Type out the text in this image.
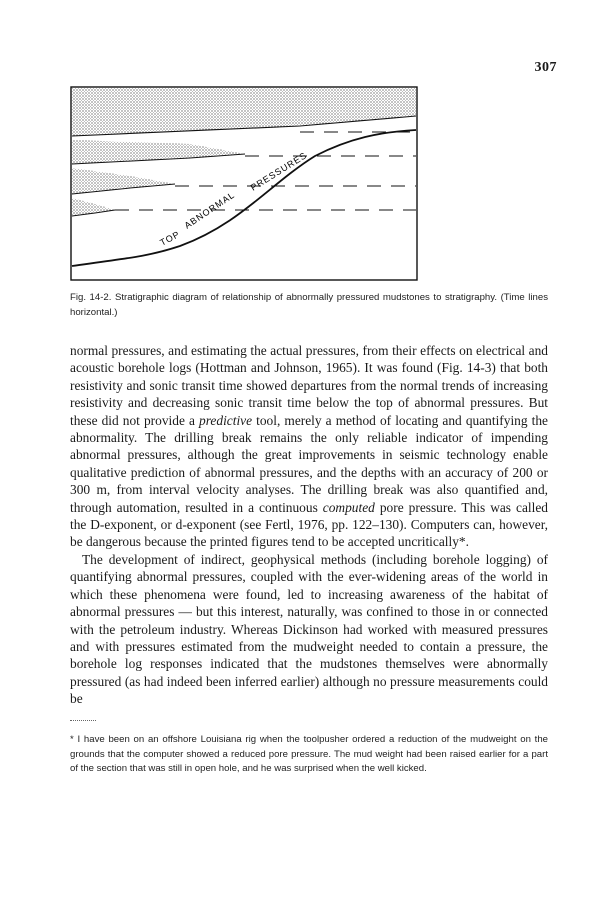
307
TOP
ABNORMAL
PRESSURES
Fig. 14-2. Stratigraphic diagram of relationship of abnormally pressured mudstones to stratigraphy. (Time lines horizontal.)

normal pressures, and estimating the actual pressures, from their effects on electrical and acoustic borehole logs (Hottman and Johnson, 1965). It was found (Fig. 14-3) that both resistivity and sonic transit time showed departures from the normal trends of increasing resistivity and decreasing sonic transit time below the top of abnormal pressures. But these did not provide a predictive tool, merely a method of locating and quantifying the abnormality. The drilling break remains the only reliable indicator of impending abnormal pressures, although the great improvements in seismic technology enable qualitative prediction of abnormal pressures, and the depths with an accuracy of 200 or 300 m, from interval velocity analyses. The drilling break was also quantified and, through automation, resulted in a continuous computed pore pressure. This was called the D-exponent, or d-exponent (see Fertl, 1976, pp. 122–130). Computers can, however, be dangerous because the printed figures tend to be accepted uncritically*.

The development of indirect, geophysical methods (including borehole logging) of quantifying abnormal pressures, coupled with the ever-widening areas of the world in which these phenomena were found, led to increasing awareness of the habitat of abnormal pressures — but this interest, naturally, was confined to those in or connected with the petroleum industry. Whereas Dickinson had worked with measured pressures and with pressures estimated from the mudweight needed to contain a pressure, the borehole log responses indicated that the mudstones themselves were abnormally pressured (as had indeed been inferred earlier) although no pressure measurements could be

* I have been on an offshore Louisiana rig when the toolpusher ordered a reduction of the mudweight on the grounds that the computer showed a reduced pore pressure. The mud weight had been raised earlier for a part of the section that was still in open hole, and he was surprised when the well kicked.
